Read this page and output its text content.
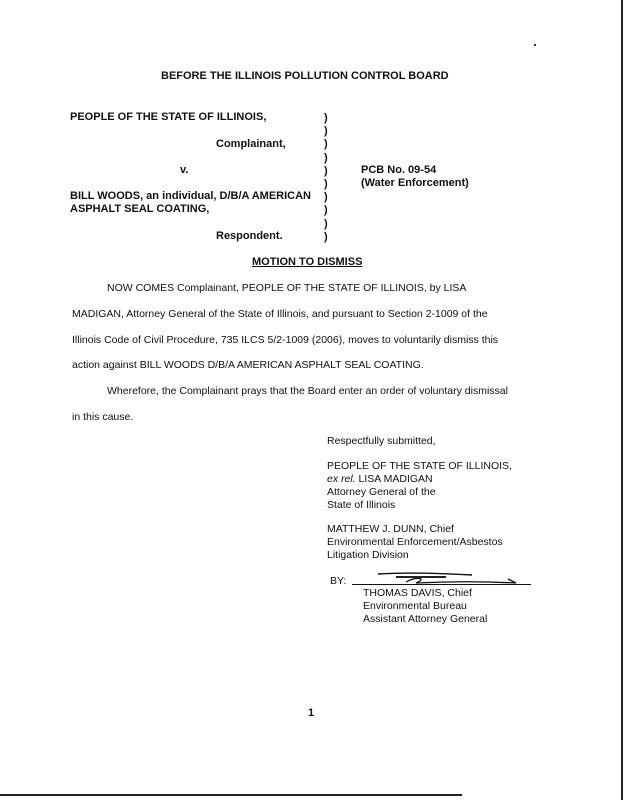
BEFORE THE ILLINOIS POLLUTION CONTROL BOARD
PEOPLE OF THE STATE OF ILLINOIS,
Complainant,
v.
BILL WOODS, an individual, D/B/A AMERICAN
ASPHALT SEAL COATING,
Respondent.
)
)
)
)
)
)
)
)
)
)
PCB No. 09-54
(Water Enforcement)
MOTION TO DISMISS
NOW COMES Complainant, PEOPLE OF THE STATE OF ILLINOIS, by LISA
MADIGAN, Attorney General of the State of Illinois, and pursuant to Section 2-1009 of the
Illinois Code of Civil Procedure, 735 ILCS 5/2-1009 (2006), moves to voluntarily dismiss this
action against BILL WOODS D/B/A AMERICAN ASPHALT SEAL COATING.
Wherefore, the Complainant prays that the Board enter an order of voluntary dismissal
in this cause.
Respectfully submitted,
PEOPLE OF THE STATE OF ILLINOIS,
ex rel. LISA MADIGAN
Attorney General of the
State of Illinois
MATTHEW J. DUNN, Chief
Environmental Enforcement/Asbestos
Litigation Division
BY:
THOMAS DAVIS, Chief
Environmental Bureau
Assistant Attorney General
1
